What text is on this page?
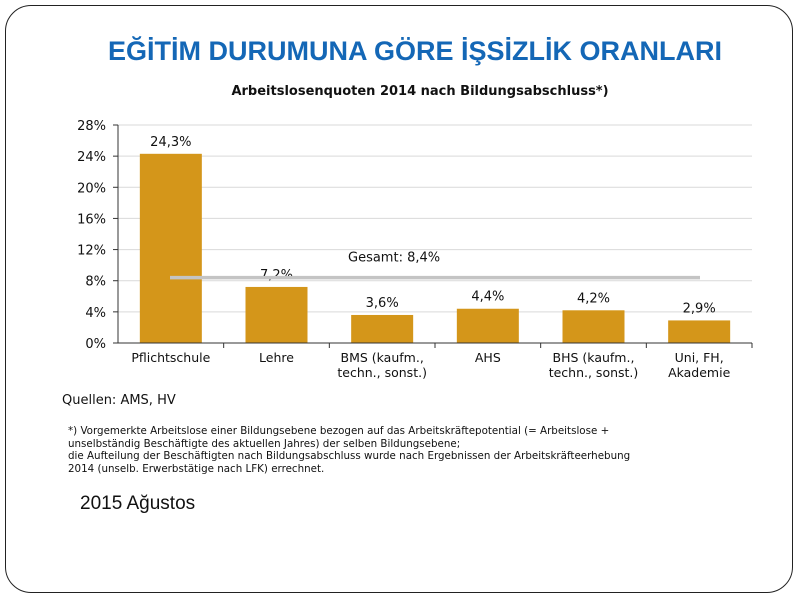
EĞİTİM DURUMUNA GÖRE İŞSİZLİK ORANLARI
Arbeitslosenquoten 2014 nach Bildungsabschluss*)
0%
4%
8%
12%
16%
20%
24%
28%
24,3%
Pflichtschule
7,2%
Lehre
3,6%
BMS (kaufm.,
techn., sonst.)
4,4%
AHS
4,2%
BHS (kaufm.,
techn., sonst.)
2,9%
Uni, FH,
Akademie
Gesamt: 8,4%
Quellen: AMS, HV
*) Vorgemerkte Arbeitslose einer Bildungsebene bezogen auf das Arbeitskräftepotential (= Arbeitslose +
unselbständig Beschäftigte des aktuellen Jahres) der selben Bildungsebene;
die Aufteilung der Beschäftigten nach Bildungsabschluss wurde nach Ergebnissen der Arbeitskräfteerhebung
2014 (unselb. Erwerbstätige nach LFK) errechnet.
2015 Ağustos
